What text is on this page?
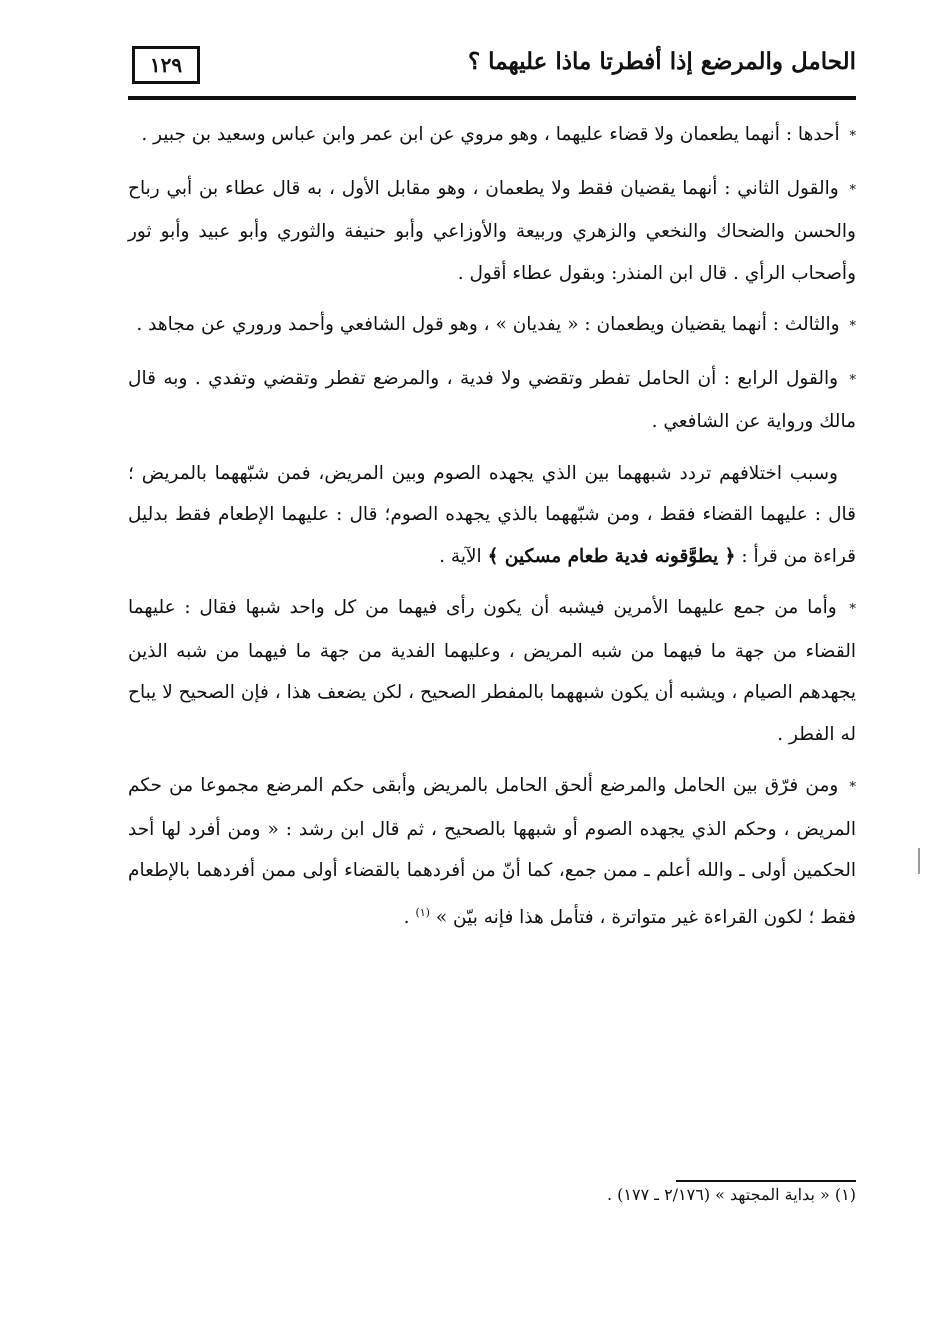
١٢٩	الحامل والمرضع إذا أفطرتا ماذا عليهما ؟

* أحدها : أنهما يطعمان ولا قضاء عليهما ، وهو مروي عن ابن عمر وابن عباس وسعيد بن جبير .

* والقول الثاني : أنهما يقضيان فقط ولا يطعمان ، وهو مقابل الأول ، به قال عطاء بن أبي رباح والحسن والضحاك والنخعي والزهري وربيعة والأوزاعي وأبو حنيفة والثوري وأبو عبيد وأبو ثور وأصحاب الرأي . قال ابن المنذر: وبقول عطاء أقول .

* والثالث : أنهما يقضيان ويطعمان : « يفديان » ، وهو قول الشافعي وأحمد وروري عن مجاهد .

* والقول الرابع : أن الحامل تفطر وتقضي ولا فدية ، والمرضع تفطر وتقضي وتفدي . وبه قال مالك ورواية عن الشافعي .

وسبب اختلافهم تردد شبههما بين الذي يجهده الصوم وبين المريض، فمن شبّههما بالمريض ؛ قال : عليهما القضاء فقط ، ومن شبّههما بالذي يجهده الصوم؛ قال : عليهما الإطعام فقط بدليل قراءة من قرأ : ﴿ يطوَّقونه فدية طعام مسكين ﴾ الآية .

* وأما من جمع عليهما الأمرين فيشبه أن يكون رأى فيهما من كل واحد شبها فقال : عليهما القضاء من جهة ما فيهما من شبه المريض ، وعليهما الفدية من جهة ما فيهما من شبه الذين يجهدهم الصيام ، ويشبه أن يكون شبههما بالمفطر الصحيح ، لكن يضعف هذا ، فإن الصحيح لا يباح له الفطر .

* ومن فرّق بين الحامل والمرضع ألحق الحامل بالمريض وأبقى حكم المرضع مجموعا من حكم المريض ، وحكم الذي يجهده الصوم أو شبهها بالصحيح ، ثم قال ابن رشد : « ومن أفرد لها أحد الحكمين أولى ـ والله أعلم ـ ممن جمع، كما أنّ من أفردهما بالقضاء أولى ممن أفردهما بالإطعام فقط ؛ لكون القراءة غير متواترة ، فتأمل هذا فإنه بيّن » $^{(١)}$ .

(١) « بداية المجتهد » (٢/١٧٦ ـ ١٧٧) .
